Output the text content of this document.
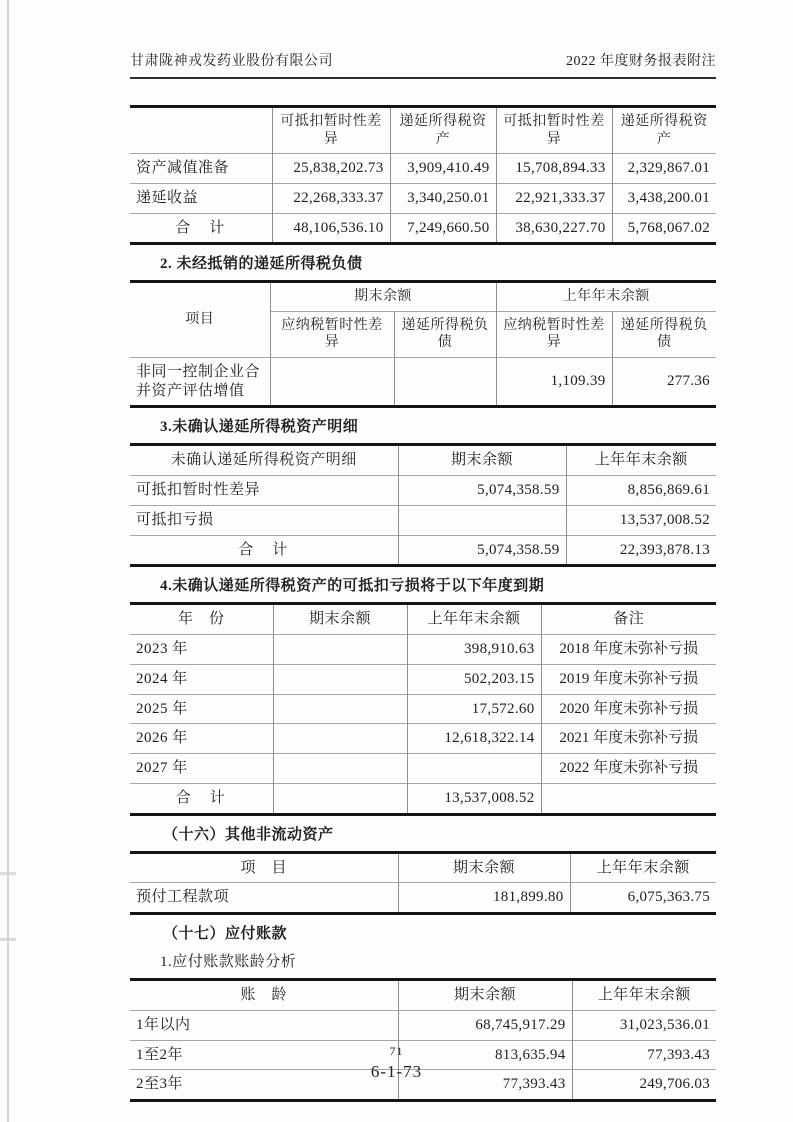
甘肃陇神戎发药业股份有限公司	2022 年度财务报表附注
	可抵扣暂时性差异	递延所得税资产	可抵扣暂时性差异	递延所得税资产
资产减值准备	25,838,202.73	3,909,410.49	15,708,894.33	2,329,867.01
递延收益	22,268,333.37	3,340,250.01	22,921,333.37	3,438,200.01
合　计	48,106,536.10	7,249,660.50	38,630,227.70	5,768,067.02
2. 未经抵销的递延所得税负债
项目	期末余额		上年年末余额	
	应纳税暂时性差异	递延所得税负债	应纳税暂时性差异	递延所得税负债
非同一控制企业合并资产评估增值			1,109.39	277.36
3.未确认递延所得税资产明细
未确认递延所得税资产明细	期末余额	上年年末余额
可抵扣暂时性差异	5,074,358.59	8,856,869.61
可抵扣亏损		13,537,008.52
合　计	5,074,358.59	22,393,878.13
4.未确认递延所得税资产的可抵扣亏损将于以下年度到期
年　份	期末余额	上年年末余额	备注
2023 年		398,910.63	2018 年度未弥补亏损
2024 年		502,203.15	2019 年度未弥补亏损
2025 年		17,572.60	2020 年度未弥补亏损
2026 年		12,618,322.14	2021 年度未弥补亏损
2027 年			2022 年度未弥补亏损
合　计		13,537,008.52	
（十六）其他非流动资产
项　目	期末余额	上年年末余额
预付工程款项	181,899.80	6,075,363.75
（十七）应付账款
1.应付账款账龄分析
账　龄	期末余额	上年年末余额
1年以内	68,745,917.29	31,023,536.01
1至2年	813,635.94	77,393.43
2至3年	77,393.43	249,706.03
71
6-1-73
